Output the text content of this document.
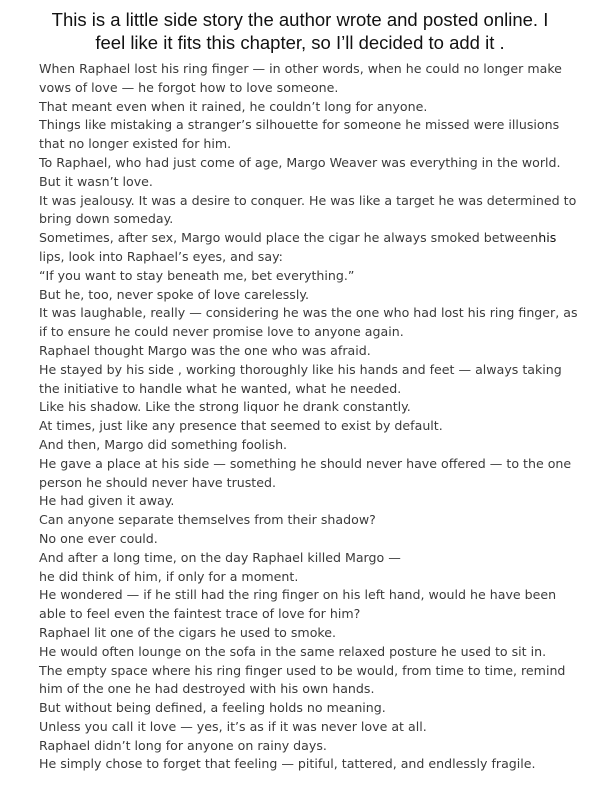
This is a little side story the author wrote and posted online. I
feel like it fits this chapter, so I’ll decided to add it .
When Raphael lost his ring finger — in other words, when he could no longer make
vows of love — he forgot how to love someone.
That meant even when it rained, he couldn’t long for anyone.
Things like mistaking a stranger’s silhouette for someone he missed were illusions
that no longer existed for him.
To Raphael, who had just come of age, Margo Weaver was everything in the world.
But it wasn’t love.
It was jealousy. It was a desire to conquer. He was like a target he was determined to
bring down someday.
Sometimes, after sex, Margo would place the cigar he always smoked betweenhis
lips, look into Raphael’s eyes, and say:
“If you want to stay beneath me, bet everything.”
But he, too, never spoke of love carelessly.
It was laughable, really — considering he was the one who had lost his ring finger, as
if to ensure he could never promise love to anyone again.
Raphael thought Margo was the one who was afraid.
He stayed by his side , working thoroughly like his hands and feet — always taking
the initiative to handle what he wanted, what he needed.
Like his shadow. Like the strong liquor he drank constantly.
At times, just like any presence that seemed to exist by default.
And then, Margo did something foolish.
He gave a place at his side — something he should never have offered — to the one
person he should never have trusted.
He had given it away.
Can anyone separate themselves from their shadow?
No one ever could.
And after a long time, on the day Raphael killed Margo —
he did think of him, if only for a moment.
He wondered — if he still had the ring finger on his left hand, would he have been
able to feel even the faintest trace of love for him?
Raphael lit one of the cigars he used to smoke.
He would often lounge on the sofa in the same relaxed posture he used to sit in.
The empty space where his ring finger used to be would, from time to time, remind
him of the one he had destroyed with his own hands.
But without being defined, a feeling holds no meaning.
Unless you call it love — yes, it’s as if it was never love at all.
Raphael didn’t long for anyone on rainy days.
He simply chose to forget that feeling — pitiful, tattered, and endlessly fragile.
